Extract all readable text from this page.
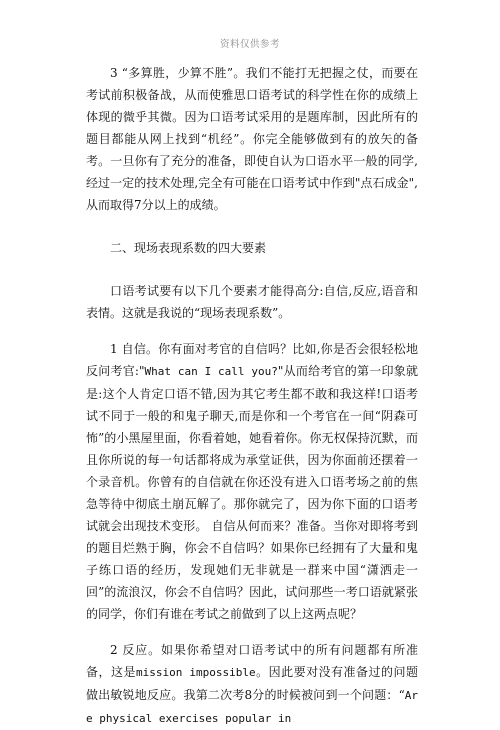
资料仅供参考

3 “多算胜，少算不胜”。我们不能打无把握之仗，而要在考试前积极备战，从而使雅思口语考试的科学性在你的成绩上体现的微乎其微。因为口语考试采用的是题库制，因此所有的题目都能从网上找到“机经”。你完全能够做到有的放矢的备考。一旦你有了充分的准备，即使自认为口语水平一般的同学,经过一定的技术处理,完全有可能在口语考试中作到"点石成金",从而取得7分以上的成绩。

二、现场表现系数的四大要素

口语考试要有以下几个要素才能得高分:自信,反应,语音和表情。这就是我说的“现场表现系数”。

1 自信。你有面对考官的自信吗？比如,你是否会很轻松地反问考官:"What can I call you?"从而给考官的第一印象就是:这个人肯定口语不错,因为其它考生都不敢和我这样!口语考试不同于一般的和鬼子聊天,而是你和一个考官在一间“阴森可怖”的小黑屋里面，你看着她，她看着你。你无权保持沉默，而且你所说的每一句话都将成为承堂证供，因为你面前还摆着一个录音机。你曾有的自信就在你还没有进入口语考场之前的焦急等待中彻底土崩瓦解了。那你就完了，因为你下面的口语考试就会出现技术变形。 自信从何而来？准备。当你对即将考到的题目烂熟于胸，你会不自信吗？如果你已经拥有了大量和鬼子练口语的经历，发现她们无非就是一群来中国“潇洒走一回”的流浪汉，你会不自信吗？因此，试问那些一考口语就紧张的同学，你们有谁在考试之前做到了以上这两点呢？

2 反应。如果你希望对口语考试中的所有问题都有所准备，这是mission impossible。因此要对没有准备过的问题做出敏锐地反应。我第二次考8分的时候被问到一个问题：“Are physical exercises popular in
